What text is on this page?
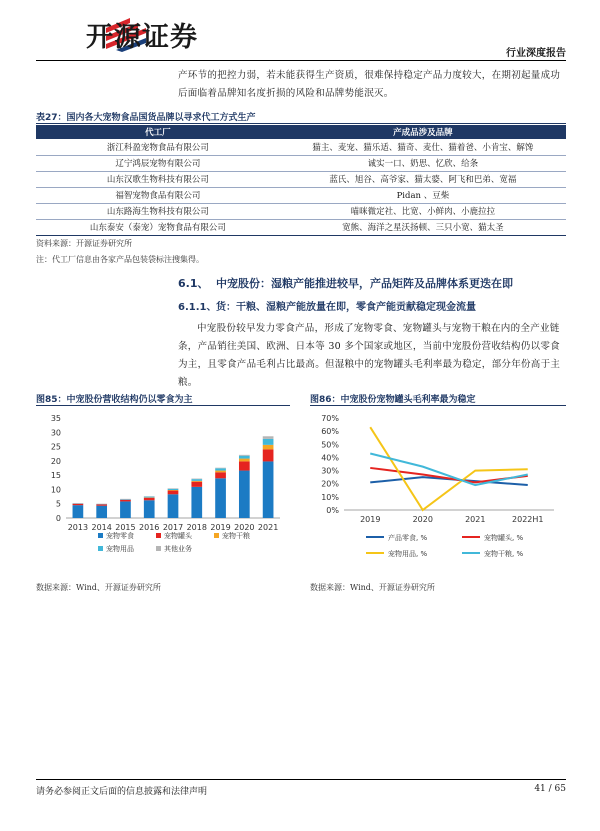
开源证券
行业深度报告
产环节的把控力弱，若未能获得生产资质，很难保持稳定产品力度较大，在期初起量成功后面临着品牌知名度折损的风险和品牌势能泯灭。
表27：国内各大宠物食品国货品牌以寻求代工方式生产
代工厂	产成品涉及品牌
浙江科盈宠物食品有限公司	猫主、麦宠、猫乐适、猫奇、麦仕、猫着爸、小肯宝、解馋
辽宁鸿辰宠物有限公司	诚实一口、奶思、忆欣、给条
山东汉歌生物科技有限公司	蓝氏、旭谷、高爷家、猫太婆、阿飞和巴弟、宽福
福智宠物食品有限公司	Pidan 、豆柴
山东路海生物科技有限公司	喵咪微定社、比宽、小鲜肉、小鹿拉拉
山东泰安（泰宠）宠物食品有限公司	宽熊、海洋之星沃扬顿、三只小宽、猫太圣
资料来源：开源证券研究所
注：代工厂信息由各家产品包装袋标注搜集得。
6.1、 中宠股份：湿粮产能推进较早，产品矩阵及品牌体系更迭在即
6.1.1、货：干粮、湿粮产能放量在即，零食产能贡献稳定现金流量
中宠股份较早发力零食产品，形成了宠物零食、宠物罐头与宠物干粮在内的全产业链条，产品销往美国、欧洲、日本等 30 多个国家或地区，当前中宠股份营收结构仍以零食为主，且零食产品毛利占比最高。但湿粮中的宠物罐头毛利率最为稳定，部分年份高于主粮。
图85：中宠股份营收结构仍以零食为主
0
5
10
15
20
25
30
35
2013 2014 2015 2016 2017 2018 2019 2020 2021
宠物零食	宠物罐头	宠物干粮
宠物用品	其他业务
数据来源：Wind、开源证券研究所
图86：中宠股份宠物罐头毛利率最为稳定
0%
10%
20%
30%
40%
50%
60%
70%
2019	2020	2021	2022H1
产品零食, %	宠物罐头, %
宠物用品, %	宠物干粮, %
数据来源：Wind、开源证券研究所
请务必参阅正文后面的信息披露和法律声明	41 / 65
